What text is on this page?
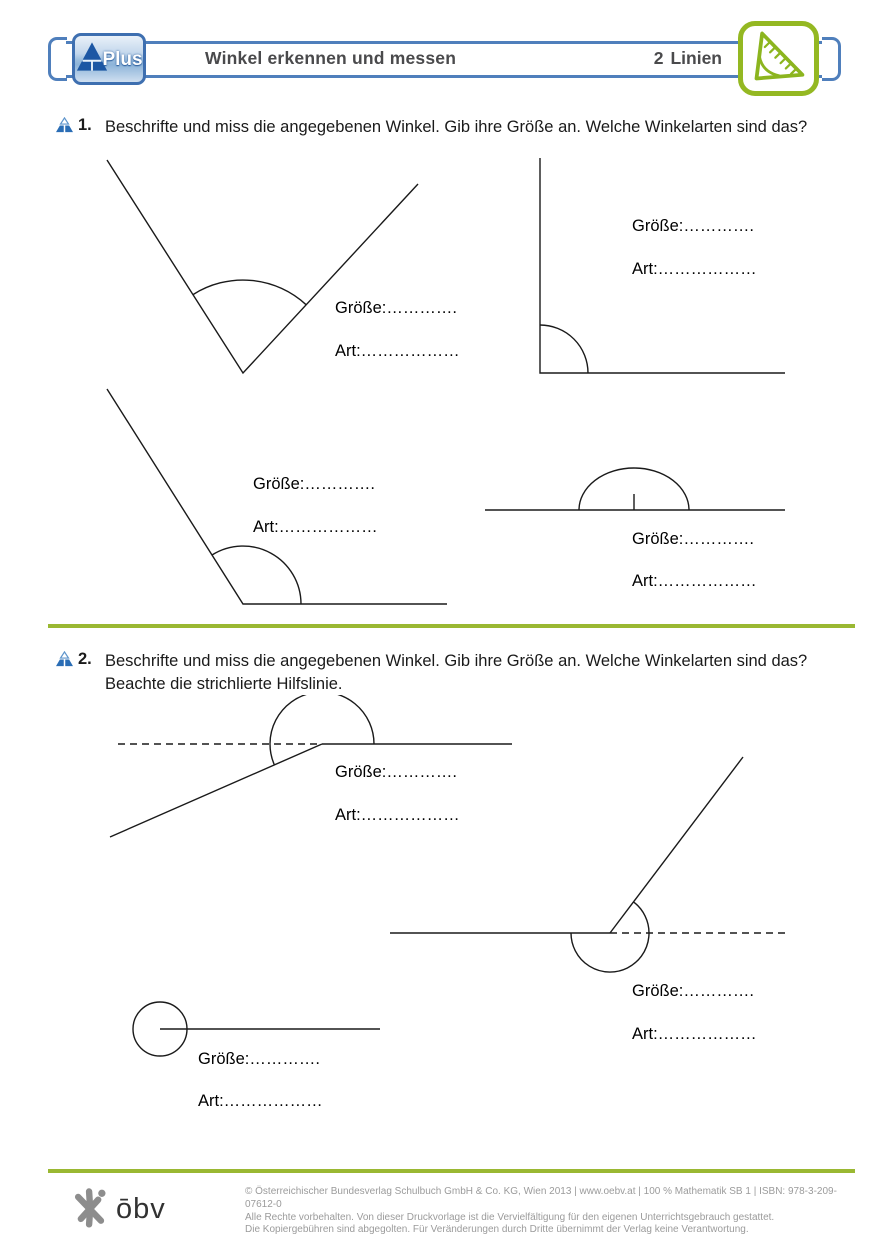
Plus	Winkel erkennen und messen	2 Linien
1. Beschrifte und miss die angegebenen Winkel. Gib ihre Größe an. Welche Winkelarten sind das?
Größe:………….
Art:………………
Größe:………….
Art:………………
Größe:………….
Art:………………
Größe:………….
Art:………………
2. Beschrifte und miss die angegebenen Winkel. Gib ihre Größe an. Welche Winkelarten sind das? Beachte die strichlierte Hilfslinie.
Größe:………….
Art:………………
Größe:………….
Art:………………
Größe:………….
Art:………………
ōbv
© Österreichischer Bundesverlag Schulbuch GmbH & Co. KG, Wien 2013 | www.oebv.at | 100 % Mathematik SB 1 | ISBN: 978-3-209-07612-0
Alle Rechte vorbehalten. Von dieser Druckvorlage ist die Vervielfältigung für den eigenen Unterrichtsgebrauch gestattet.
Die Kopiergebühren sind abgegolten. Für Veränderungen durch Dritte übernimmt der Verlag keine Verantwortung.
